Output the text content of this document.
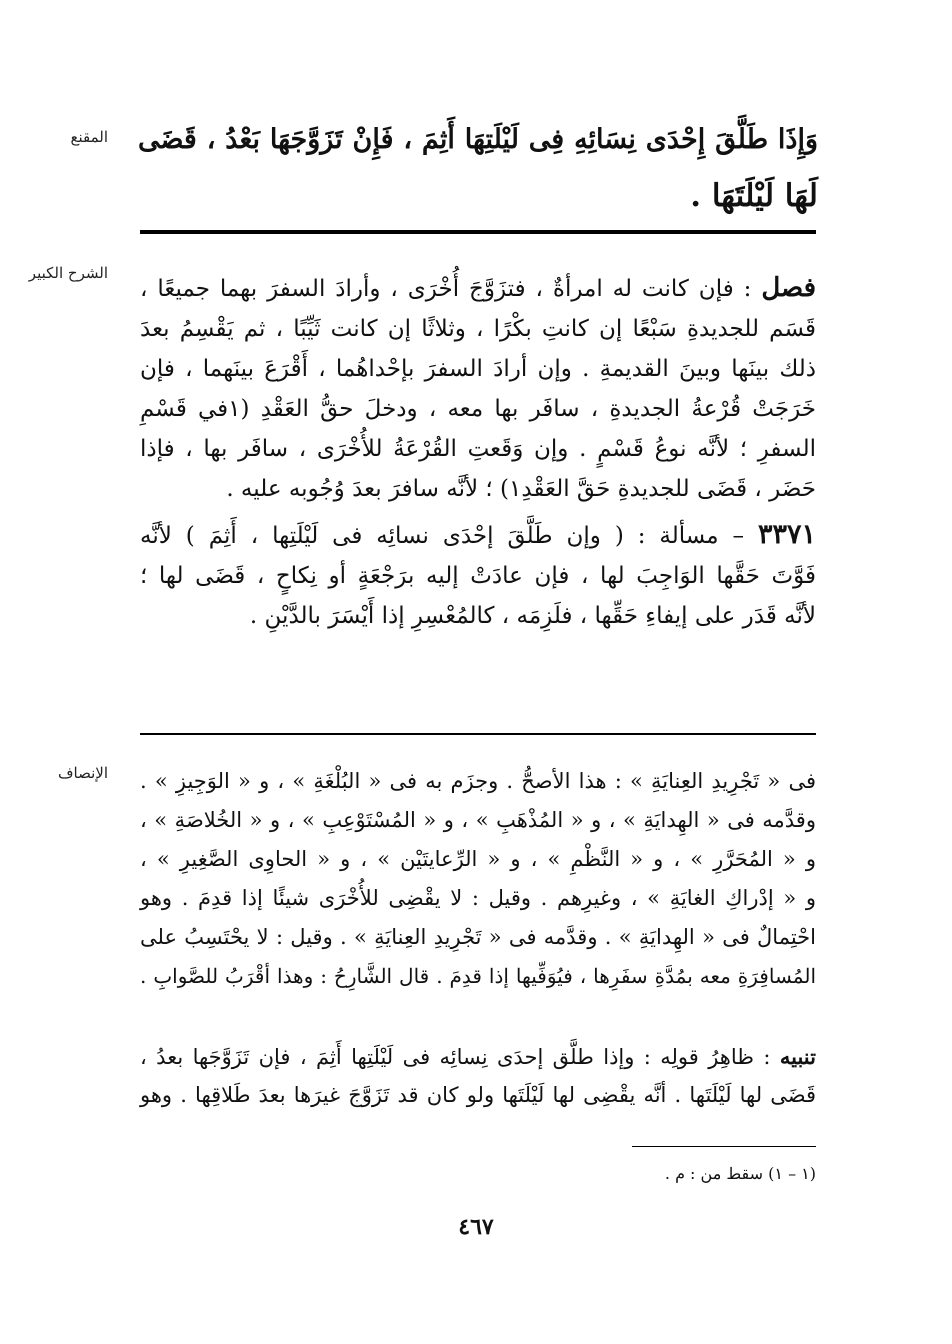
المقنع
الشرح الكبير
الإنصاف
وَإِذَا طَلَّقَ إِحْدَى نِسَائِهِ فِى لَيْلَتِهَا أَثِمَ ، فَإِنْ تَزَوَّجَهَا بَعْدُ ، قَضَى
لَهَا لَيْلَتَهَا .
فصل : فإن كانت له امرأةٌ ، فتزَوَّجَ أُخْرَى ، وأرادَ السفرَ بهما جميعًا ،
قَسَم للجديدةِ سَبْعًا إن كانتِ بكْرًا ، وثلاثًا إن كانت ثَيِّبًا ، ثم يَقْسِمُ بعدَ
ذلك بينَها وبينَ القديمةِ . وإن أرادَ السفرَ بإحْداهُما ، أَقْرَعَ بينَهما ، فإن
خَرَجَتْ قُرْعةُ الجديدةِ ، سافَر بها معه ، ودخلَ حقُّ العَقْدِ (١في قَسْمِ
السفرِ ؛ لأنَّه نوعُ قَسْمٍ . وإن وَقَعتِ القُرْعَةُ للأُخْرَى ، سافَر بها ، فإذا
حَضَر ، قَضَى للجديدةِ حَقَّ العَقْدِ١) ؛ لأنَّه سافرَ بعدَ وُجُوبه عليه .
٣٣٧١ – مسألة : ( وإن طَلَّقَ إحْدَى نسائِه فى لَيْلَتِها ، أَثِمَ ) لأنَّه
فَوَّتَ حَقَّها الوَاجِبَ لها ، فإن عادَتْ إليه برَجْعَةٍ أو نِكاحٍ ، قَضَى لها ؛
لأنَّه قَدَر على إيفاءِ حَقِّها ، فلَزِمَه ، كالمُعْسِرِ إذا أَيْسَرَ بالدَّيْنِ .
فى « تَجْرِيدِ العِنايَةِ » : هذا الأصحُّ . وجزَم به فى « البُلْغَةِ » ، و « الوَجِيزِ » .
وقدَّمه فى « الهِدايَةِ » ، و « المُذْهَبِ » ، و « المُسْتَوْعِبِ » ، و « الخُلاصَةِ » ،
و « المُحَرَّرِ » ، و « النَّظْمِ » ، و « الرِّعايتَيْن » ، و « الحاوِى الصَّغِيرِ » ،
و « إدْراكِ الغايَةِ » ، وغيرِهم . وقيل : لا يقْضِى للأُخْرَى شيئًا إذا قدِمَ . وهو
احْتِمالٌ فى « الهِدايَةِ » . وقدَّمه فى « تَجْرِيدِ العِنايَةِ » . وقيل : لا يحْتَسِبُ على
المُسافِرَةِ معه بمُدَّةِ سفَرِها ، فيُوَفِّيها إذا قدِمَ . قال الشَّارِحُ : وهذا أقْرَبُ للصَّوابِ .
تنبيه : ظاهِرُ قولِه : وإذا طلَّق إحدَى نِسائِه فى لَيْلَتِها أَثِمَ ، فإن تَزَوَّجَها بعدُ ،
قَضَى لها لَيْلَتَها . أنَّه يقْضِى لها لَيْلَتَها ولو كان قد تَزَوَّجَ غيرَها بعدَ طَلاقِها . وهو
(١ – ١) سقط من : م .
٤٦٧
